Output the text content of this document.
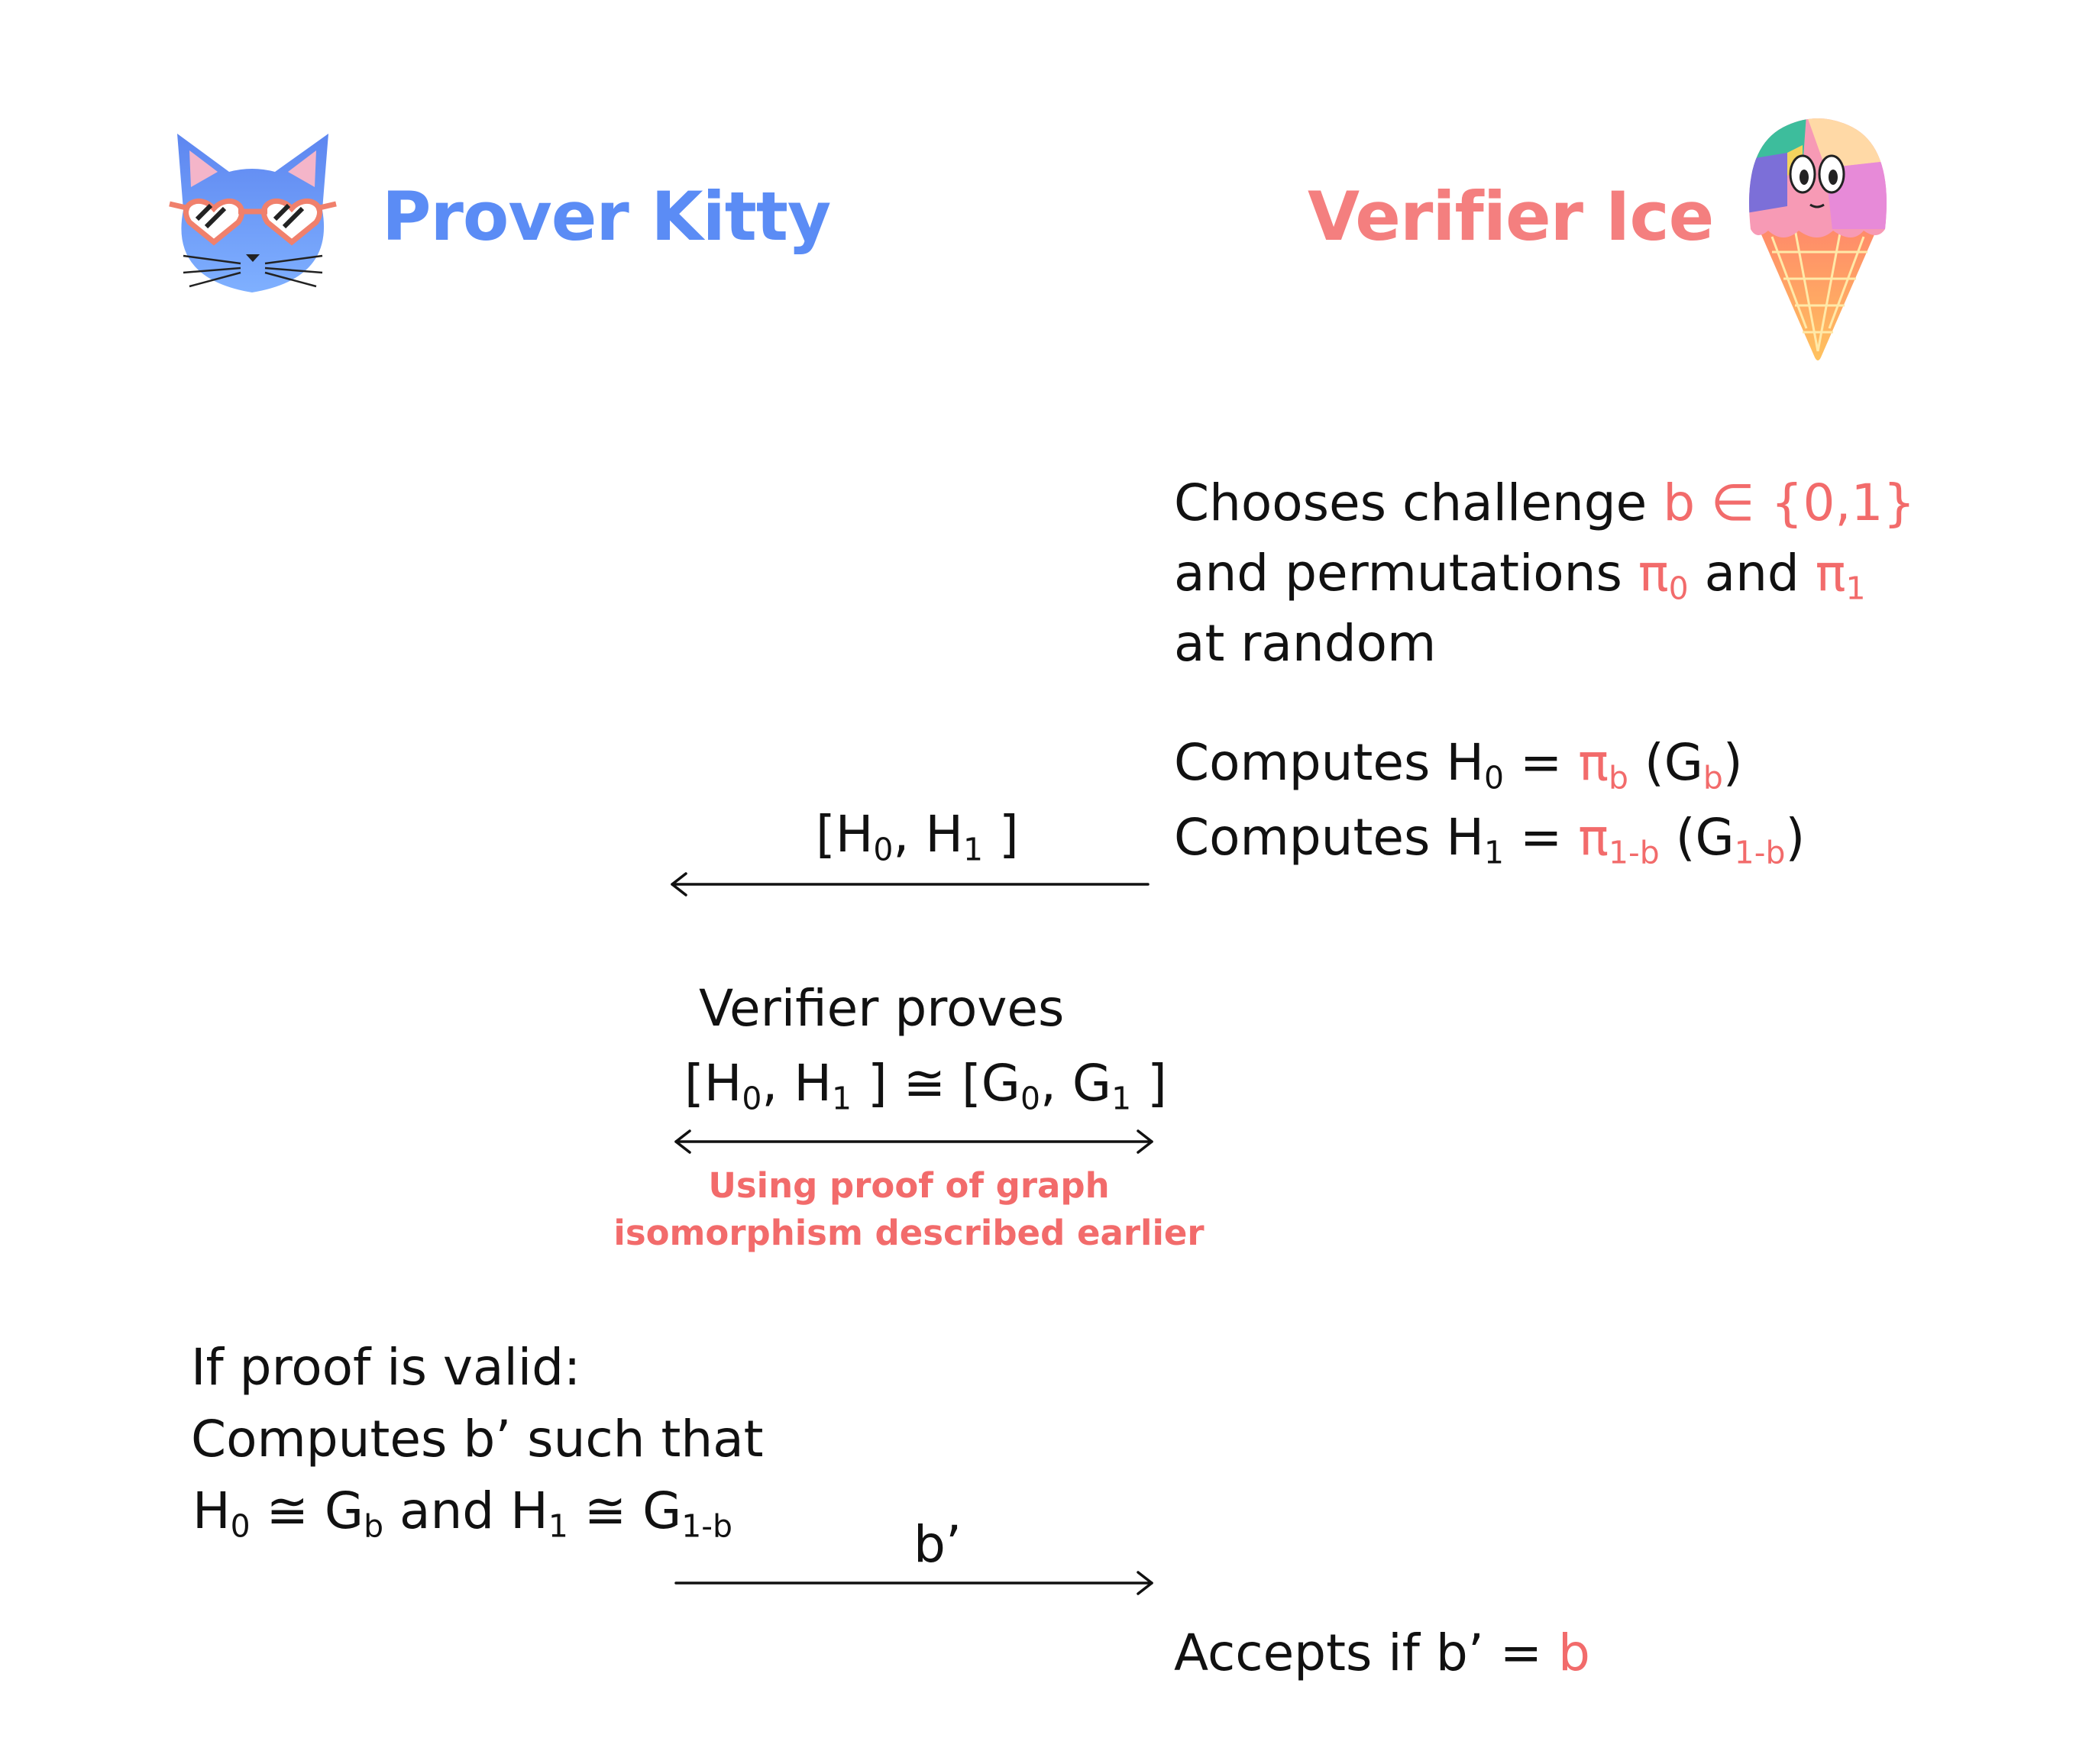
Prover Kitty	Verifier Ice
Chooses challenge b ∈ {0,1}
and permutations $\pi_0$ and $\pi_1$
at random
Computes $H_0 = \pi_b$ $(G_b)$
Computes $H_1 = \pi_{1-b}$ $(G_{1-b})$
[$H_0$, $H_1$ ]
Verifier proves
[$H_0$, $H_1$ ] ≅ [$G_0$, $G_1$ ]
Using proof of graph
isomorphism described earlier
If proof is valid:
Computes b’ such that
$H_0$ ≅ $G_b$ and $H_1$ ≅ $G_{1-b}$	b’
Accepts if b’ = b
